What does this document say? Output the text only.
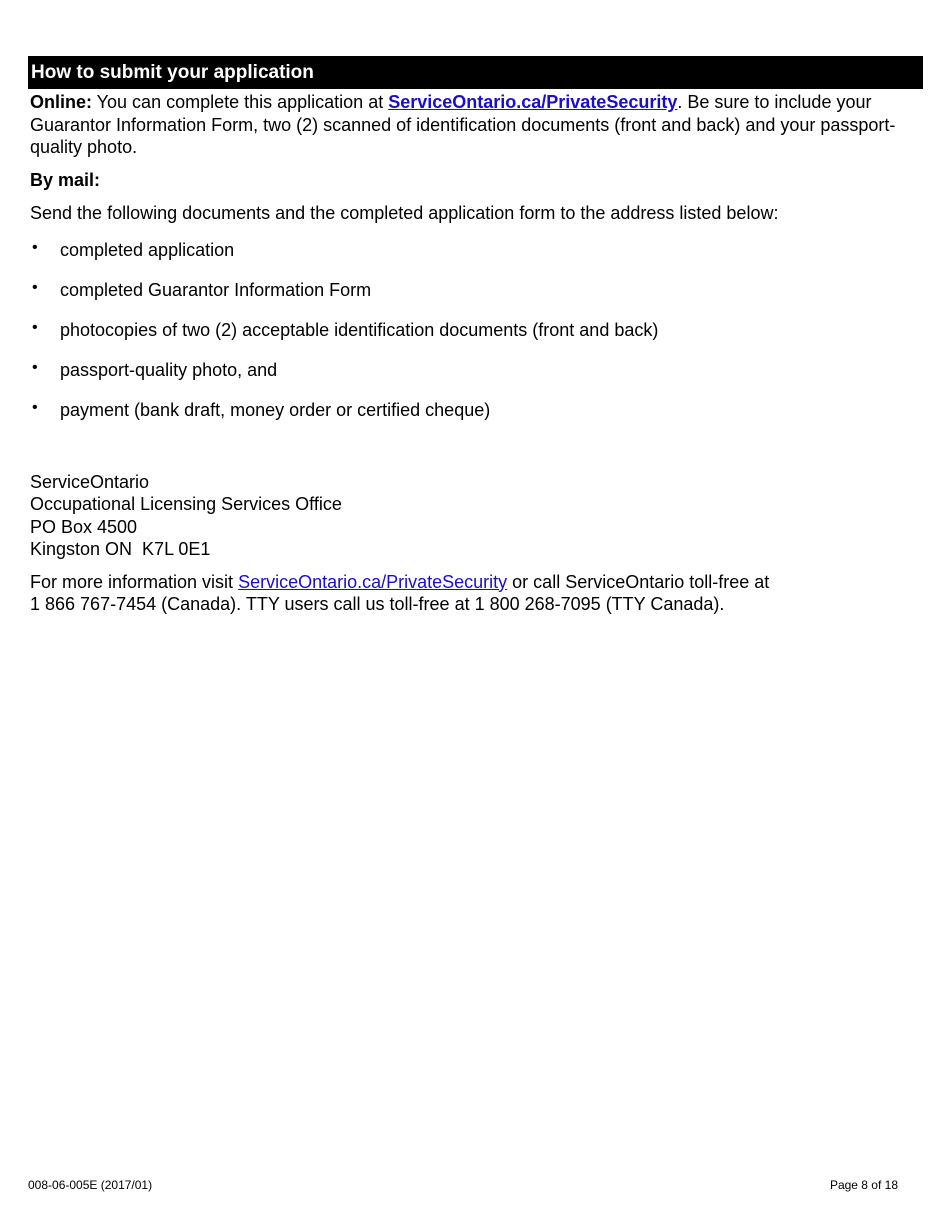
How to submit your application

Online: You can complete this application at ServiceOntario.ca/PrivateSecurity. Be sure to include your Guarantor Information Form, two (2) scanned of identification documents (front and back) and your passport-quality photo.

By mail:

Send the following documents and the completed application form to the address listed below:

• completed application
• completed Guarantor Information Form
• photocopies of two (2) acceptable identification documents (front and back)
• passport-quality photo, and
• payment (bank draft, money order or certified cheque)

ServiceOntario
Occupational Licensing Services Office
PO Box 4500
Kingston ON  K7L 0E1

For more information visit ServiceOntario.ca/PrivateSecurity or call ServiceOntario toll-free at
1 866 767-7454 (Canada). TTY users call us toll-free at 1 800 268-7095 (TTY Canada).

008-06-005E (2017/01)	Page 8 of 18
